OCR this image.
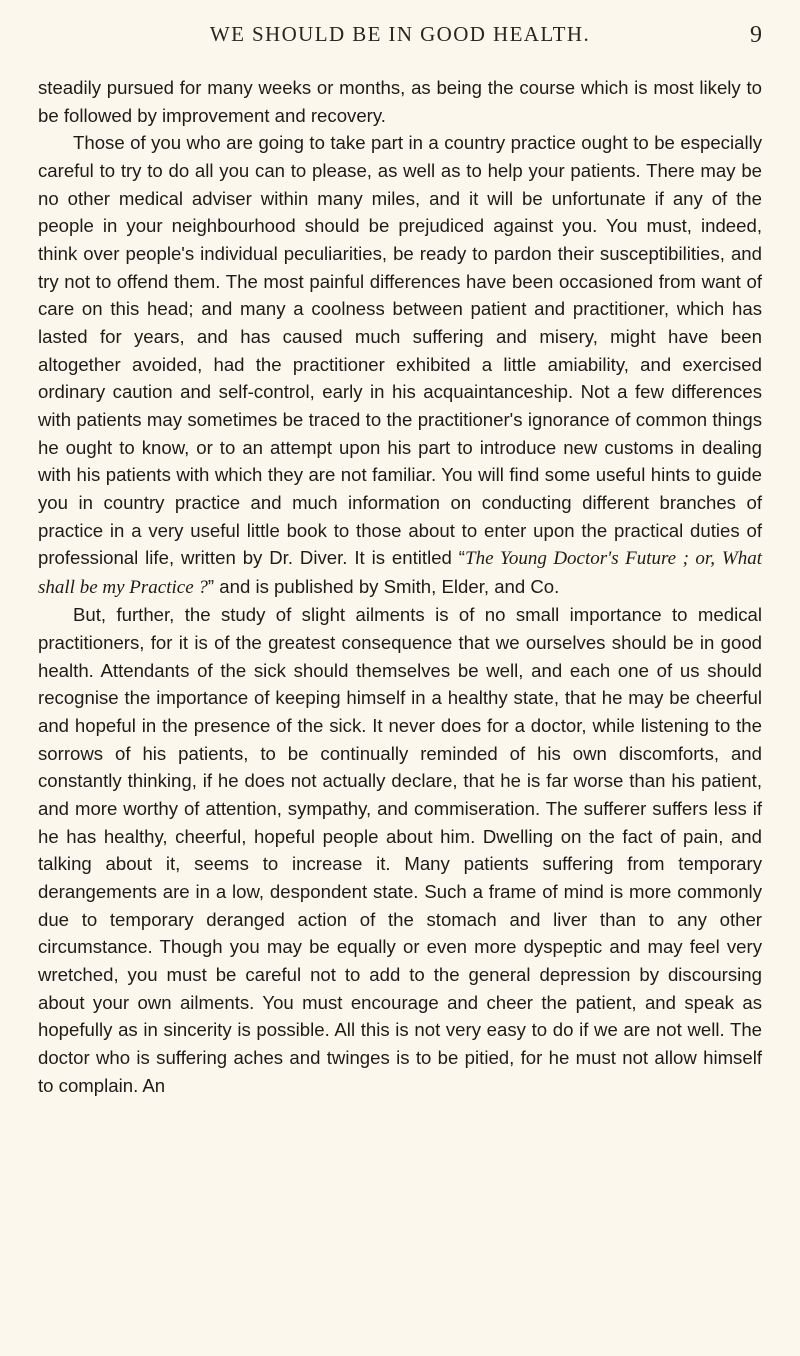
WE SHOULD BE IN GOOD HEALTH.	9

steadily pursued for many weeks or months, as being the course which is most likely to be followed by improvement and recovery.

Those of you who are going to take part in a country practice ought to be especially careful to try to do all you can to please, as well as to help your patients. There may be no other medical adviser within many miles, and it will be unfortunate if any of the people in your neighbourhood should be prejudiced against you. You must, indeed, think over people's individual peculiarities, be ready to pardon their susceptibilities, and try not to offend them. The most painful differences have been occasioned from want of care on this head; and many a coolness between patient and practitioner, which has lasted for years, and has caused much suffering and misery, might have been altogether avoided, had the practitioner exhibited a little amiability, and exercised ordinary caution and self-control, early in his acquaintanceship. Not a few differences with patients may sometimes be traced to the practitioner's ignorance of common things he ought to know, or to an attempt upon his part to introduce new customs in dealing with his patients with which they are not familiar. You will find some useful hints to guide you in country practice and much information on conducting different branches of practice in a very useful little book to those about to enter upon the practical duties of professional life, written by Dr. Diver. It is entitled “The Young Doctor's Future ; or, What shall be my Practice ?” and is published by Smith, Elder, and Co.

But, further, the study of slight ailments is of no small importance to medical practitioners, for it is of the greatest consequence that we ourselves should be in good health. Attendants of the sick should themselves be well, and each one of us should recognise the importance of keeping himself in a healthy state, that he may be cheerful and hopeful in the presence of the sick. It never does for a doctor, while listening to the sorrows of his patients, to be continually reminded of his own discomforts, and constantly thinking, if he does not actually declare, that he is far worse than his patient, and more worthy of attention, sympathy, and commiseration. The sufferer suffers less if he has healthy, cheerful, hopeful people about him. Dwelling on the fact of pain, and talking about it, seems to increase it. Many patients suffering from temporary derangements are in a low, despondent state. Such a frame of mind is more commonly due to temporary deranged action of the stomach and liver than to any other circumstance. Though you may be equally or even more dyspeptic and may feel very wretched, you must be careful not to add to the general depression by discoursing about your own ailments. You must encourage and cheer the patient, and speak as hopefully as in sincerity is possible. All this is not very easy to do if we are not well. The doctor who is suffering aches and twinges is to be pitied, for he must not allow himself to complain. An
